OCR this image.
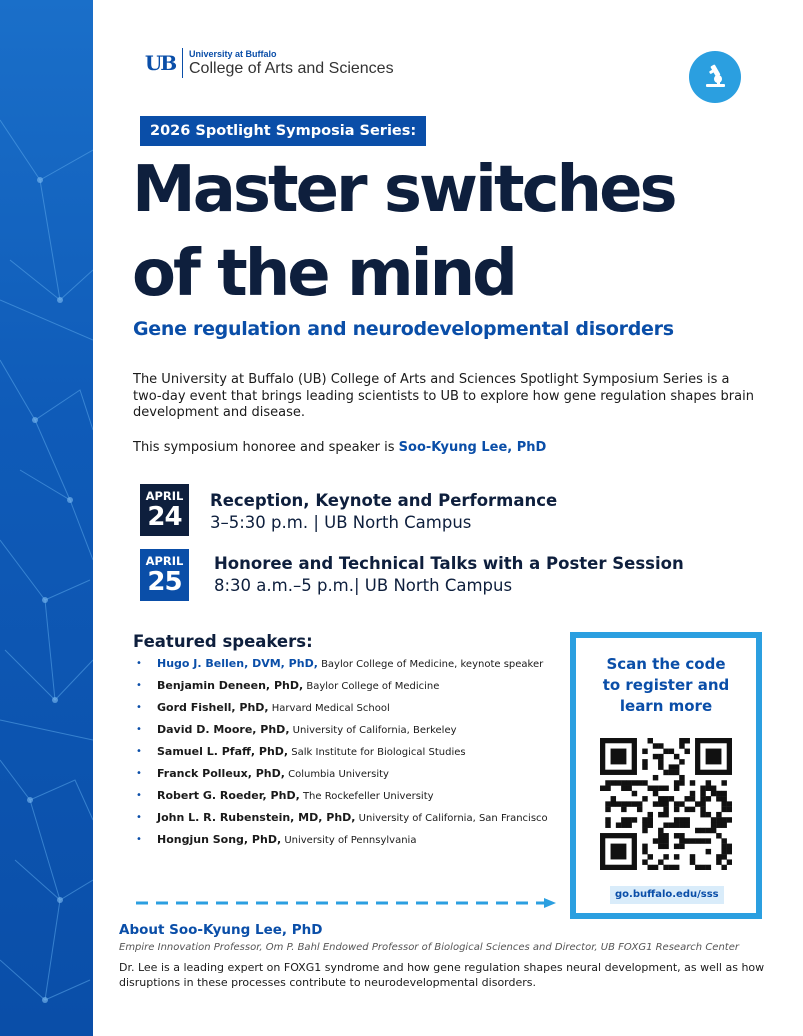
UB	University at Buffalo
College of Arts and Sciences
2026 Spotlight Symposia Series:
Master switches
of the mind
Gene regulation and neurodevelopmental disorders

The University at Buffalo (UB) College of Arts and Sciences Spotlight Symposium Series is a two-day event that brings leading scientists to UB to explore how gene regulation shapes brain development and disease.

This symposium honoree and speaker is Soo-Kyung Lee, PhD

APRIL
24
Reception, Keynote and Performance
3–5:30 p.m. | UB North Campus
APRIL
25
Honoree and Technical Talks with a Poster Session
8:30 a.m.–5 p.m.| UB North Campus
Featured speakers:
• Hugo J. Bellen, DVM, PhD, Baylor College of Medicine, keynote speaker
• Benjamin Deneen, PhD, Baylor College of Medicine
• Gord Fishell, PhD, Harvard Medical School
• David D. Moore, PhD, University of California, Berkeley
• Samuel L. Pfaff, PhD, Salk Institute for Biological Studies
• Franck Polleux, PhD, Columbia University
• Robert G. Roeder, PhD, The Rockefeller University
• John L. R. Rubenstein, MD, PhD, University of California, San Francisco
• Hongjun Song, PhD, University of Pennsylvania
Scan the code
to register and
learn more
go.buffalo.edu/sss
About Soo-Kyung Lee, PhD

Empire Innovation Professor, Om P. Bahl Endowed Professor of Biological Sciences and Director, UB FOXG1 Research Center

Dr. Lee is a leading expert on FOXG1 syndrome and how gene regulation shapes neural development, as well as how disruptions in these processes contribute to neurodevelopmental disorders.
